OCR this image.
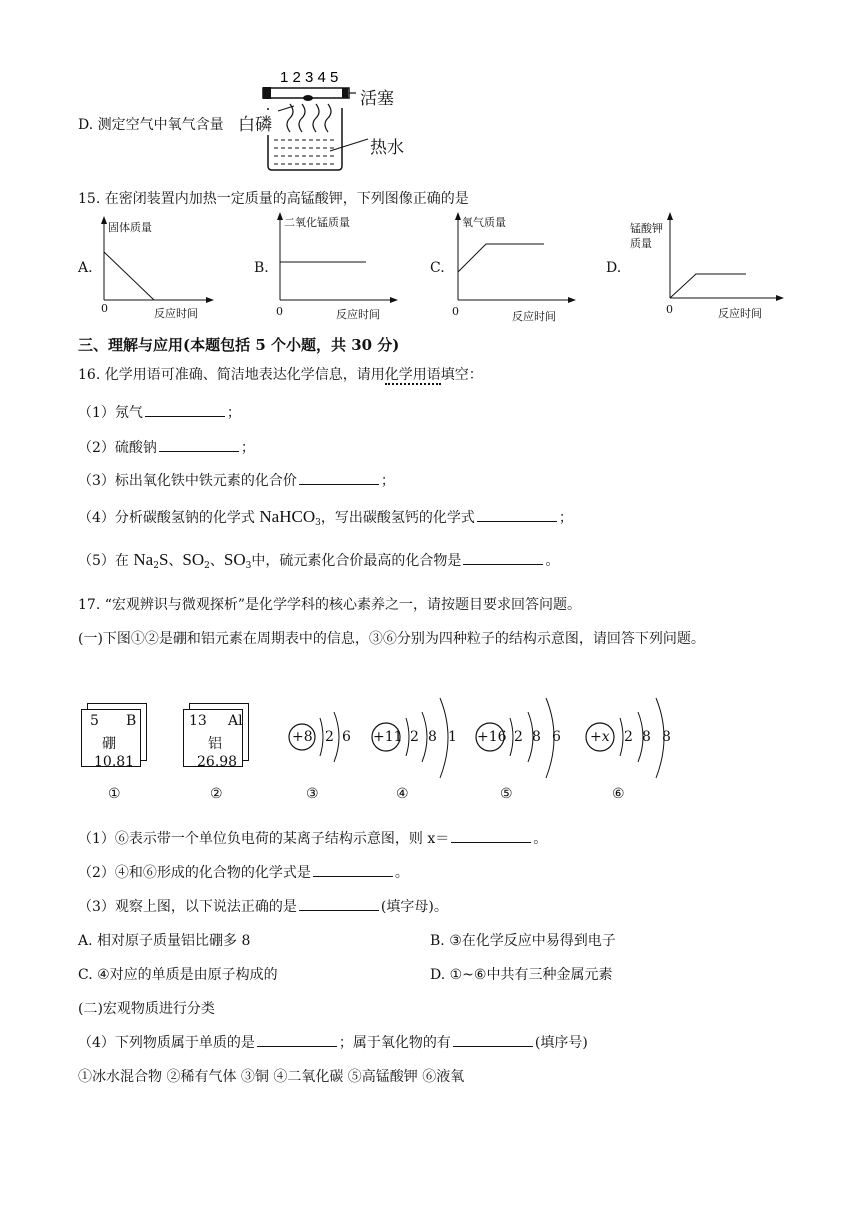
D. 测定空气中氧气含量
1 2 3 4 5
活塞
白磷
热水
15. 在密闭装置内加热一定质量的高锰酸钾，下列图像正确的是
A.
固体质量
0	反应时间
B.
二氧化锰质量
0	反应时间
C.
氧气质量
0	反应时间
D.
锰酸钾
质量
0	反应时间
三、理解与应用(本题包括 5 个小题，共 30 分)
16. 化学用语可准确、简洁地表达化学信息，请用化学用语填空：
（1）氖气	；
（2）硫酸钠	；
（3）标出氧化铁中铁元素的化合价	；
（4）分析碳酸氢钠的化学式 NaHCO$_3$，写出碳酸氢钙的化学式	；
（5）在 $Na_2S$、$SO_2$、$SO_3$中，硫元素化合价最高的化合物是	。
17. “宏观辨识与微观探析”是化学学科的核心素养之一，请按题目要求回答问题。
(一)下图①②是硼和铝元素在周期表中的信息，③⑥分别为四种粒子的结构示意图，请回答下列问题。
5 B
硼
10.81
①
13 Al
铝
26.98
②
+8 2 6
③
+11 2 8 1
④
+16 2 8 6
⑤
+x 2 8 8
⑥
（1）⑥表示带一个单位负电荷的某离子结构示意图，则 x＝	。
（2）④和⑥形成的化合物的化学式是	。
（3）观察上图，以下说法正确的是	(填字母)。
A. 相对原子质量铝比硼多 8	B. ③在化学反应中易得到电子
C. ④对应的单质是由原子构成的	D. ①~⑥中共有三种金属元素
(二)宏观物质进行分类
（4）下列物质属于单质的是	；属于氧化物的有	(填序号)
①冰水混合物 ②稀有气体 ③铜 ④二氧化碳 ⑤高锰酸钾 ⑥液氧
